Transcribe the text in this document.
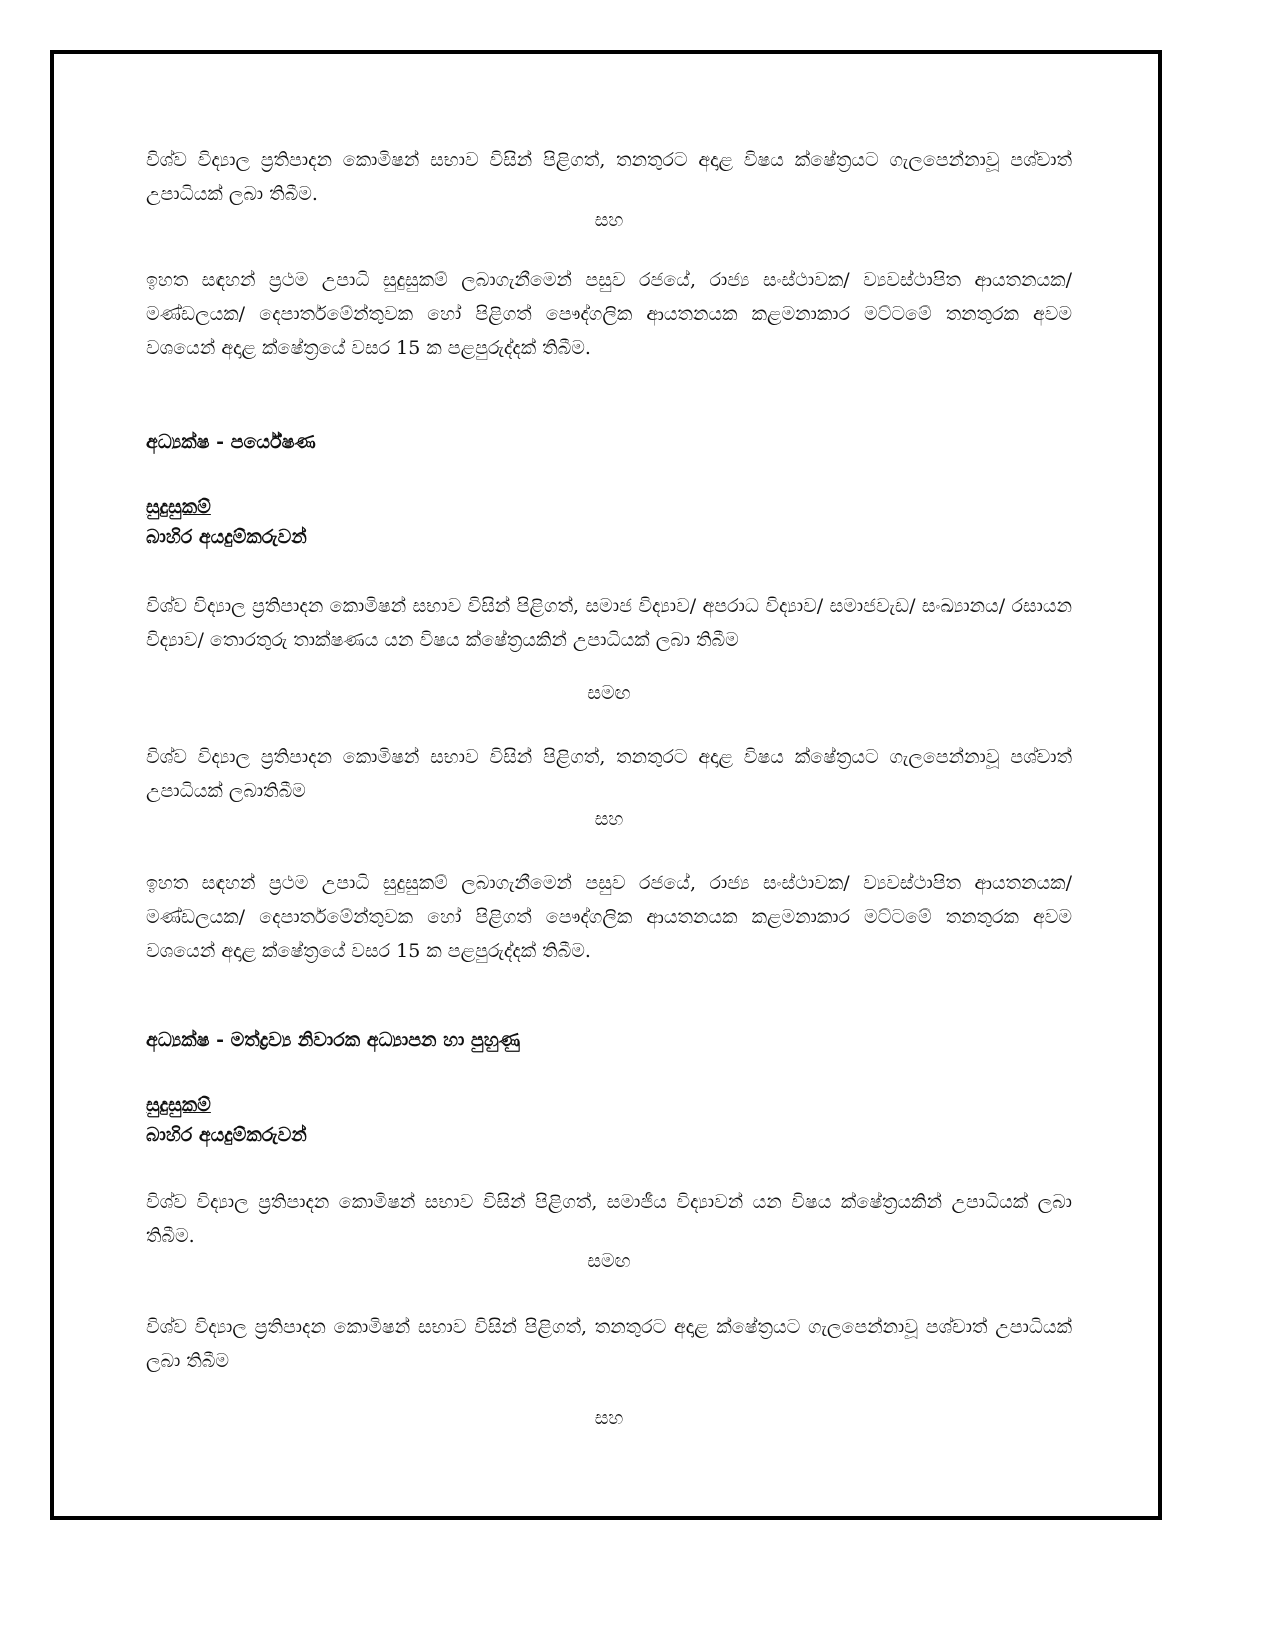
විශ්ව විද්‍යාල ප්‍රතිපාදන කොමිෂන් සභාව විසින් පිළිගත්, තනතුරට අදාළ විෂය ක්ෂේත්‍රයට ගැලපෙන්නාවූ පශ්චාත් උපාධියක් ලබා තිබීම.

සහ

ඉහත සඳහන් ප්‍රථම උපාධි සුදුසුකම් ලබාගැනීමෙන් පසුව රජයේ, රාජ්‍ය සංස්ථාවක/ ව්‍යවස්ථාපිත ආයතනයක/ මණ්ඩලයක/ දෙපාර්තමේන්තුවක හෝ පිළිගත් පෞද්ගලික ආයතනයක කළමනාකාර මට්ටමේ තනතුරක අවම වශයෙන් අදාළ ක්ෂේත්‍රයේ වසර 15 ක පළපුරුද්දක් තිබීම.

අධ්‍යක්ෂ - පර්යේෂණ

සුදුසුකම්

බාහිර අයදුම්කරුවන්

විශ්ව විද්‍යාල ප්‍රතිපාදන කොමිෂන් සභාව විසින් පිළිගත්, සමාජ විද්‍යාව/ අපරාධ විද්‍යාව/ සමාජවැඩ/ සංඛ්‍යානය/ රසායන විද්‍යාව/ තොරතුරු තාක්ෂණය යන විෂය ක්ෂේත්‍රයකින් උපාධියක් ලබා තිබීම

සමඟ

විශ්ව විද්‍යාල ප්‍රතිපාදන කොමිෂන් සභාව විසින් පිළිගත්, තනතුරට අදාළ විෂය ක්ෂේත්‍රයට ගැලපෙන්නාවූ පශ්චාත් උපාධියක් ලබාතිබීම

සහ

ඉහත සඳහන් ප්‍රථම උපාධි සුදුසුකම් ලබාගැනීමෙන් පසුව රජයේ, රාජ්‍ය සංස්ථාවක/ ව්‍යවස්ථාපිත ආයතනයක/ මණ්ඩලයක/ දෙපාර්තමේන්තුවක හෝ පිළිගත් පෞද්ගලික ආයතනයක කළමනාකාර මට්ටමේ තනතුරක අවම වශයෙන් අදාළ ක්ෂේත්‍රයේ වසර 15 ක පළපුරුද්දක් තිබීම.

අධ්‍යක්ෂ - මත්ද්‍රව්‍ය නිවාරක අධ්‍යාපන හා පුහුණු

සුදුසුකම්

බාහිර අයදුම්කරුවන්

විශ්ව විද්‍යාල ප්‍රතිපාදන කොමිෂන් සභාව විසින් පිළිගත්, සමාජීය විද්‍යාවන් යන විෂය ක්ෂේත්‍රයකින් උපාධියක් ලබා තිබීම.

සමඟ

විශ්ව විද්‍යාල ප්‍රතිපාදන කොමිෂන් සභාව විසින් පිළිගත්, තනතුරට අදාළ ක්ෂේත්‍රයට ගැලපෙන්නාවූ පශ්චාත් උපාධියක් ලබා තිබීම

සහ
